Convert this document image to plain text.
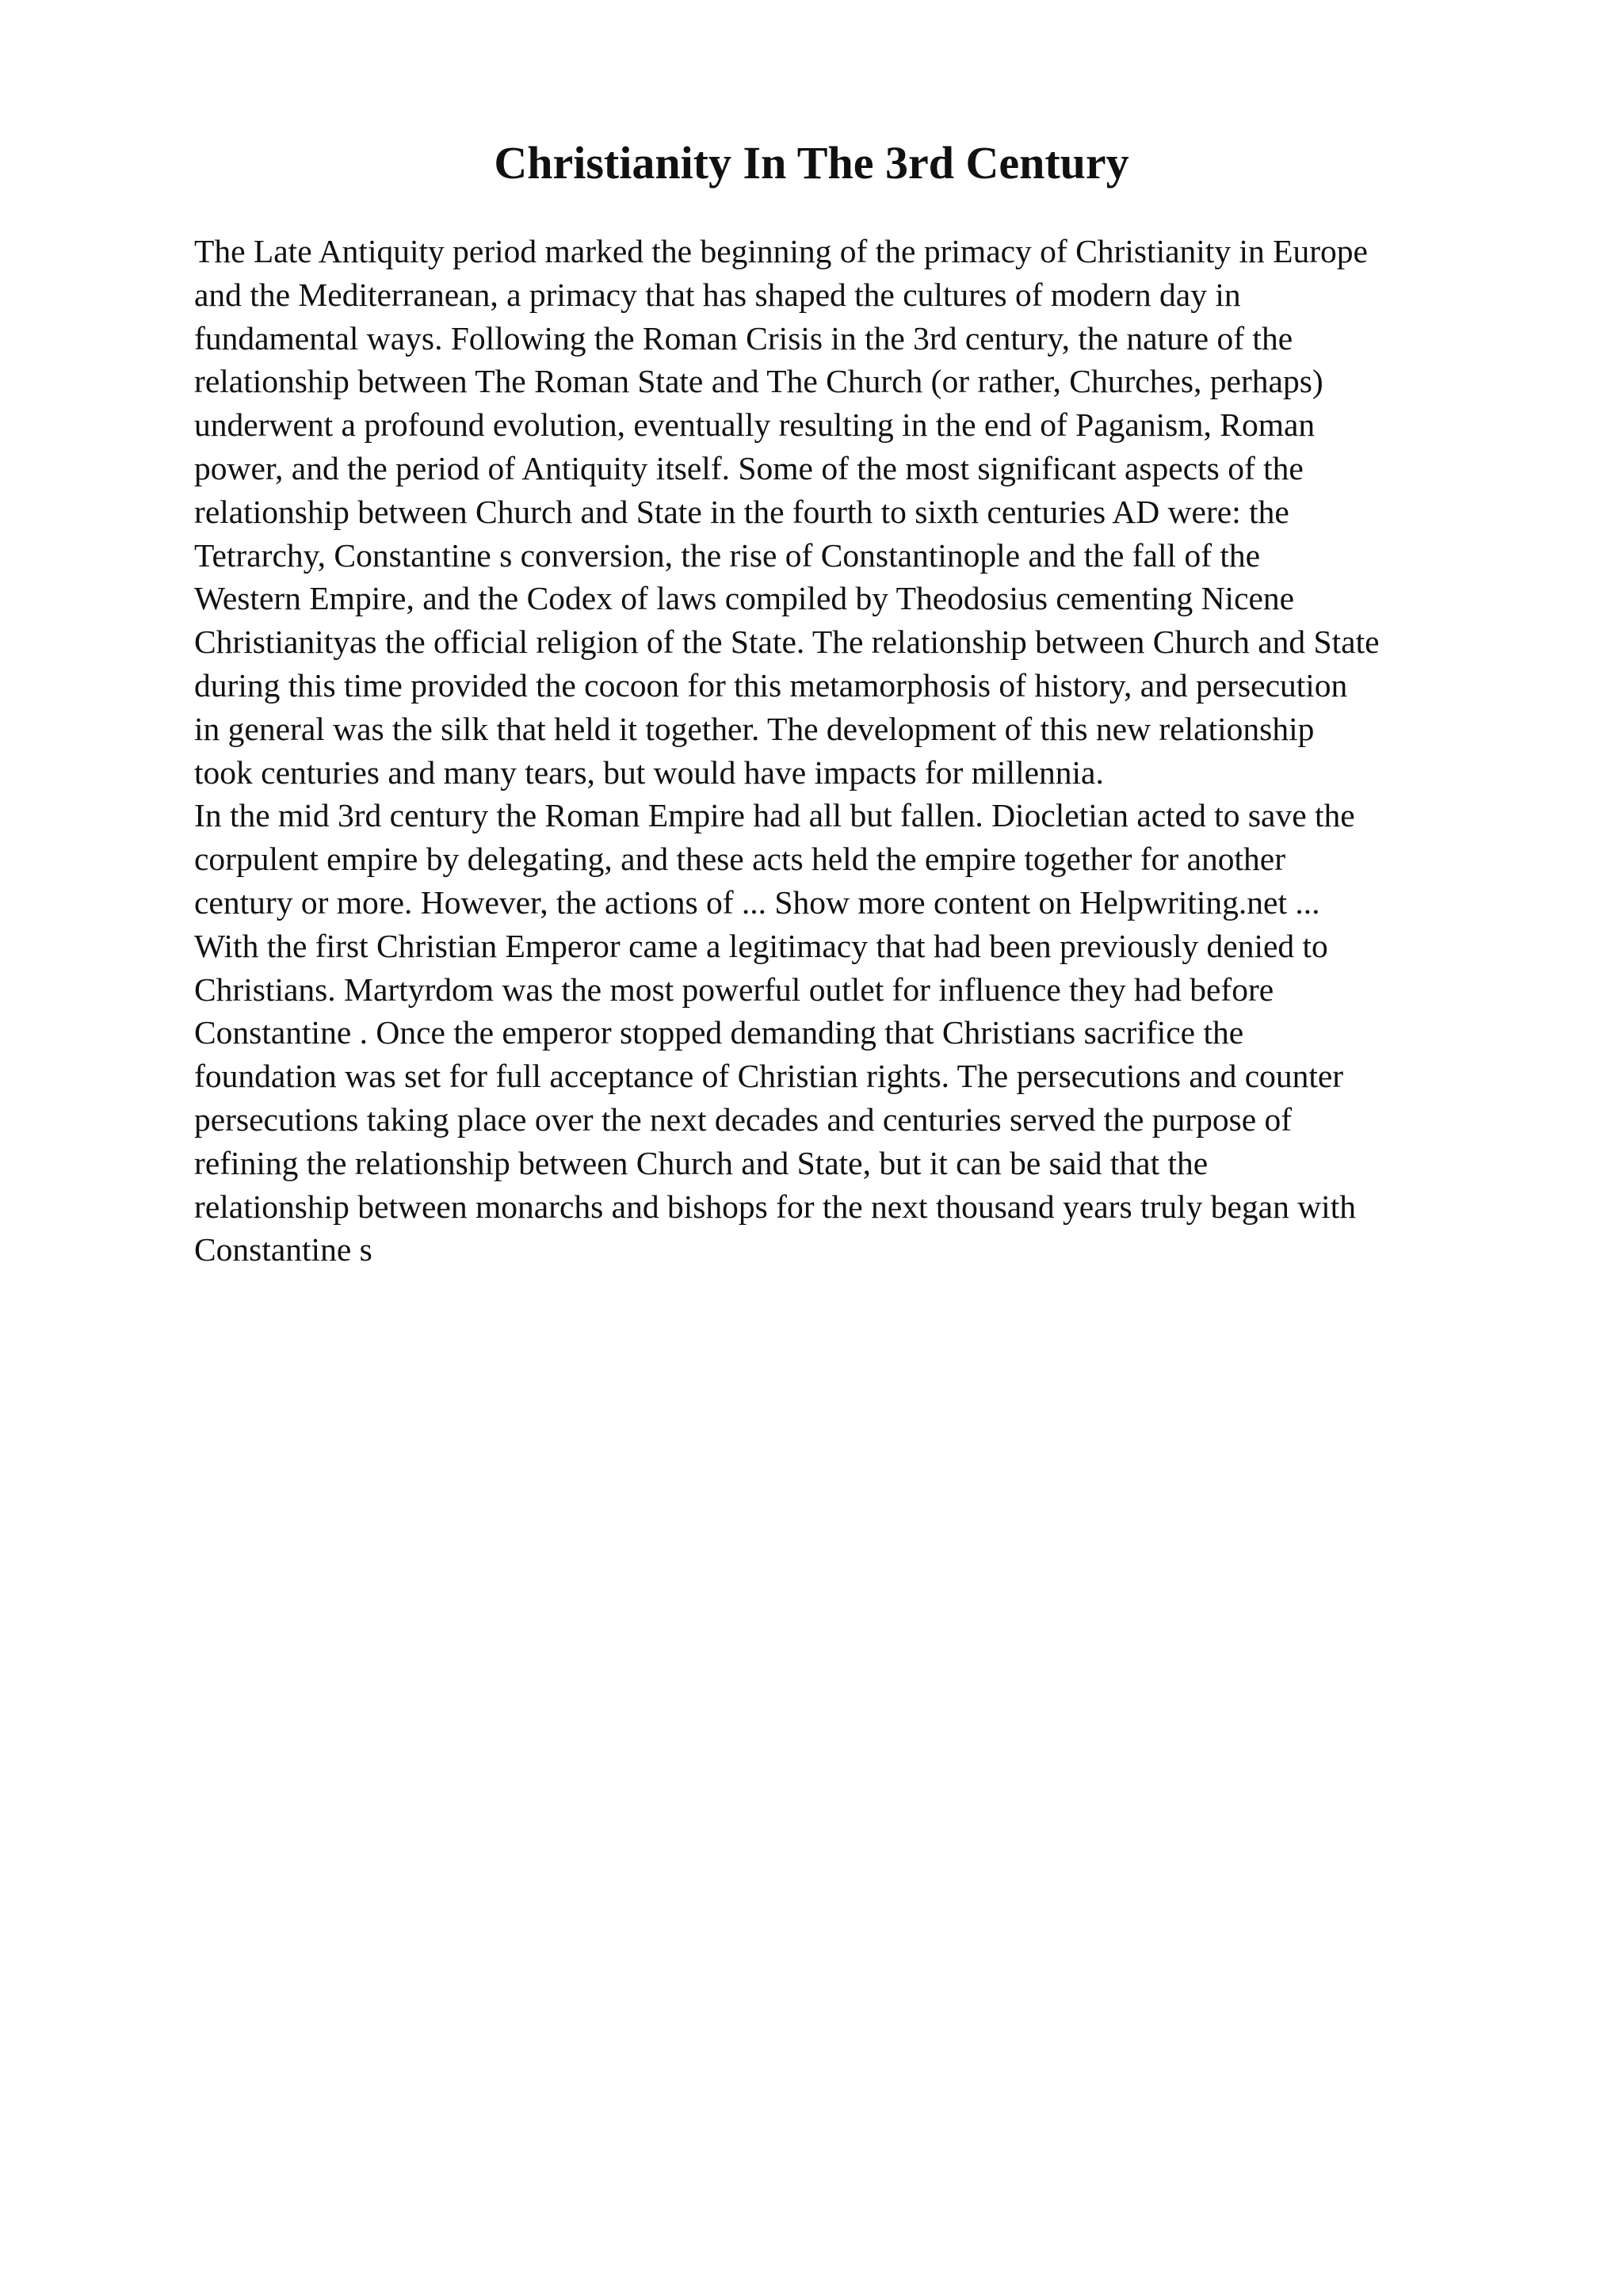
Christianity In The 3rd Century
The Late Antiquity period marked the beginning of the primacy of Christianity in Europe
and the Mediterranean, a primacy that has shaped the cultures of modern day in
fundamental ways. Following the Roman Crisis in the 3rd century, the nature of the
relationship between The Roman State and The Church (or rather, Churches, perhaps)
underwent a profound evolution, eventually resulting in the end of Paganism, Roman
power, and the period of Antiquity itself. Some of the most significant aspects of the
relationship between Church and State in the fourth to sixth centuries AD were: the
Tetrarchy, Constantine s conversion, the rise of Constantinople and the fall of the
Western Empire, and the Codex of laws compiled by Theodosius cementing Nicene
Christianityas the official religion of the State. The relationship between Church and State
during this time provided the cocoon for this metamorphosis of history, and persecution
in general was the silk that held it together. The development of this new relationship
took centuries and many tears, but would have impacts for millennia.
In the mid 3rd century the Roman Empire had all but fallen. Diocletian acted to save the
corpulent empire by delegating, and these acts held the empire together for another
century or more. However, the actions of ... Show more content on Helpwriting.net ...
With the first Christian Emperor came a legitimacy that had been previously denied to
Christians. Martyrdom was the most powerful outlet for influence they had before
Constantine . Once the emperor stopped demanding that Christians sacrifice the
foundation was set for full acceptance of Christian rights. The persecutions and counter
persecutions taking place over the next decades and centuries served the purpose of
refining the relationship between Church and State, but it can be said that the
relationship between monarchs and bishops for the next thousand years truly began with
Constantine s
